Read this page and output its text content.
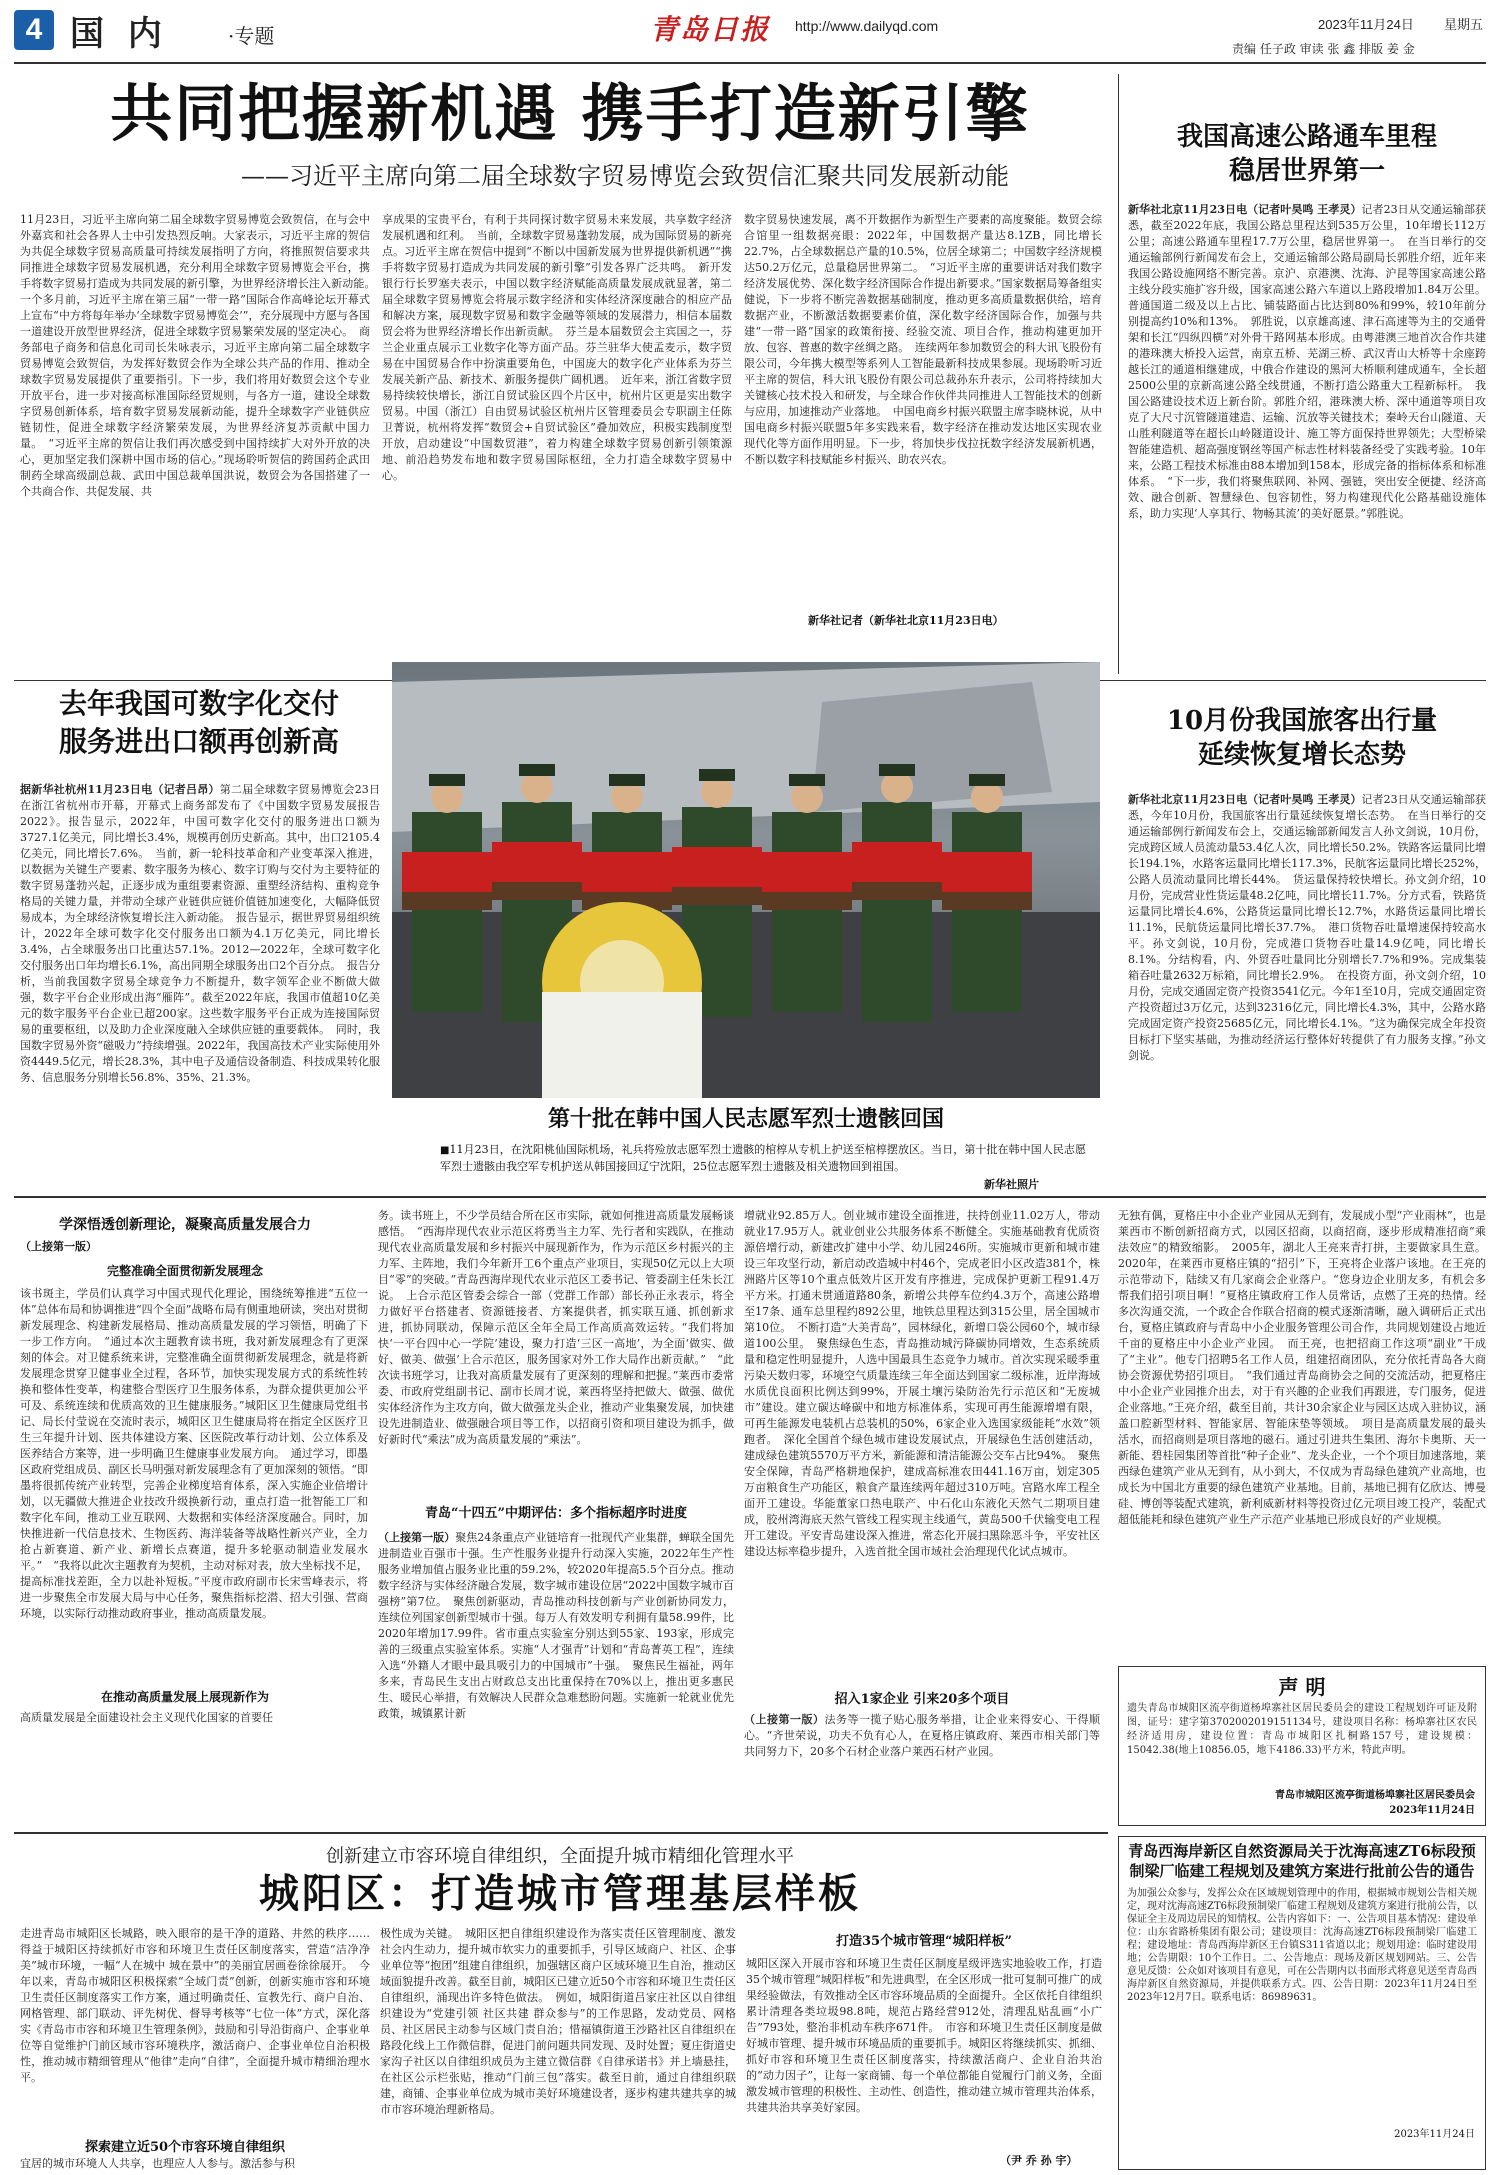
4 国 内	·专题	青岛日报 http://www.dailyqd.com	2023年11月24日 星期五
责编 任子政 审读 张 鑫 排版 姜 金
共同把握新机遇 携手打造新引擎
——习近平主席向第二届全球数字贸易博览会致贺信汇聚共同发展新动能
11月23日，习近平主席向第二届全球数字贸易博览会致贺信，在与会中外嘉宾和社会各界人士中引发热烈反响。大家表示，习近平主席的贺信为共促全球数字贸易高质量可持续发展指明了方向，将推照贺信要求共同推进全球数字贸易发展机遇，充分利用全球数字贸易博览会平台，携手将数字贸易打造成为共同发展的新引擎，为世界经济增长注入新动能。　一个多月前，习近平主席在第三届“一带一路”国际合作高峰论坛开幕式上宣布“中方将每年举办‘全球数字贸易博览会’”，充分展现中方愿与各国一道建设开放型世界经济，促进全球数字贸易繁荣发展的坚定决心。　商务部电子商务和信息化司司长朱咏表示，习近平主席向第二届全球数字贸易博览会致贺信，为发挥好数贸会作为全球公共产品的作用、推动全球数字贸易发展提供了重要指引。下一步，我们将用好数贸会这个专业开放平台，进一步对接高标准国际经贸规则，与各方一道，建设全球数字贸易创新体系，培育数字贸易发展新动能，提升全球数字产业链供应链韧性，促进全球数字经济繁荣发展，为世界经济复苏贡献中国力量。　“习近平主席的贺信让我们再次感受到中国持续扩大对外开放的决心，更加坚定我们深耕中国市场的信心。”现场聆听贺信的跨国药企武田制药全球高级副总裁、武田中国总裁单国洪说，数贸会为各国搭建了一个共商合作、共促发展、共
享成果的宝贵平台，有利于共同探讨数字贸易未来发展，共享数字经济发展机遇和红利。　当前，全球数字贸易蓬勃发展，成为国际贸易的新亮点。习近平主席在贺信中提到“不断以中国新发展为世界提供新机遇”“携手将数字贸易打造成为共同发展的新引擎”引发各界广泛共鸣。　新开发银行行长罗塞夫表示，中国以数字经济赋能高质量发展成就显著，第二届全球数字贸易博览会将展示数字经济和实体经济深度融合的相应产品和解决方案，展现数字贸易和数字金融等领域的发展潜力，相信本届数贸会将为世界经济增长作出新贡献。　芬兰是本届数贸会主宾国之一，芬兰企业重点展示工业数字化等方面产品。芬兰驻华大使孟麦示，数字贸易在中国贸易合作中扮演重要角色，中国庞大的数字化产业体系为芬兰发展关新产品、新技术、新服务提供广阔机遇。　近年来，浙江省数字贸易持续较快增长，浙江自贸试验区四个片区中，杭州片区更是实出数字贸易。中国（浙江）自由贸易试验区杭州片区管理委员会专职副主任陈卫菁说，杭州将发挥“数贸会+自贸试验区”叠加效应，积极实践制度型开放，启动建设“中国数贸港”，着力构建全球数字贸易创新引领策源地、前沿趋势发布地和数字贸易国际枢纽，全力打造全球数字贸易中心。
数字贸易快速发展，离不开数据作为新型生产要素的高度聚能。数贸会综合馆里一组数据亮眼：2022年，中国数据产量达8.1ZB，同比增长22.7%，占全球数据总产量的10.5%，位居全球第二；中国数字经济规模达50.2万亿元，总量稳居世界第二。　“习近平主席的重要讲话对我们数字经济发展优势、深化数字经济国际合作提出新要求。”国家数据局筹备组实健说，下一步将不断完善数据基础制度，推动更多高质量数据供给，培育数据产业，不断激活数据要素价值，深化数字经济国际合作，加强与共建“一带一路”国家的政策衔接、经验交流、项目合作，推动构建更加开放、包容、普惠的数字丝绸之路。　连续两年参加数贸会的科大讯飞股份有限公司，今年携大模型等系列人工智能最新科技成果参展。现场聆听习近平主席的贺信，科大讯飞股份有限公司总裁孙东升表示，公司将持续加大关键核心技术投入和研发，与全球合作伙伴共同推进人工智能技术的创新与应用，加速推动产业落地。　中国电商乡村振兴联盟主席李晓林说，从中国电商乡村振兴联盟5年多实践来看，数字经济在推动发达地区实现农业现代化等方面作用明显。下一步，将加快步伐拉抚数字经济发展新机遇，不断以数字科技赋能乡村振兴、助农兴农。
新华社记者（新华社北京11月23日电）
我国高速公路通车里程
稳居世界第一
新华社北京11月23日电（记者叶昊鸣 王孝灵）记者23日从交通运输部获悉，截至2022年底，我国公路总里程达到535万公里，10年增长112万公里；高速公路通车里程17.7万公里，稳居世界第一。　在当日举行的交通运输部例行新闻发布会上，交通运输部公路局副局长郭胜介绍，近年来我国公路设施网络不断完善。京沪、京港澳、沈海、沪昆等国家高速公路主线分段实施扩容升级，国家高速公路六车道以上路段增加1.84万公里。普通国道二级及以上占比、铺装路面占比达到80%和99%，较10年前分别提高约10%和13%。　郭胜说，以京雄高速、津石高速等为主的交通骨架和长江“四纵四横”对外骨干路网基本形成。由粤港澳三地首次合作共建的港珠澳大桥投入运营，南京五桥、芜湖三桥、武汉青山大桥等十余座跨越长江的通道相继建成，中俄合作建设的黑河大桥顺利建成通车，全长超2500公里的京新高速公路全线贯通，不断打造公路重大工程新标杆。　我国公路建设技术迈上新台阶。郭胜介绍，港珠澳大桥、深中通道等项目攻克了大尺寸沉管隧道建造、运输、沉放等关键技术；秦岭天台山隧道、天山胜利隧道等在超长山岭隧道设计、施工等方面保持世界领先；大型桥梁智能建造机、超高强度钢丝等国产标志性材料装备经受了实践考验。10年来，公路工程技术标准由88本增加到158本，形成完备的指标体系和标准体系。　“下一步，我们将聚焦联网、补网、强链，突出安全便捷、经济高效、融合创新、智慧绿色、包容韧性，努力构建现代化公路基础设施体系，助力实现‘人享其行、物畅其流’的美好愿景。”郭胜说。
去年我国可数字化交付
服务进出口额再创新高
据新华社杭州11月23日电（记者吕昂）第二届全球数字贸易博览会23日在浙江省杭州市开幕，开幕式上商务部发布了《中国数字贸易发展报告2022》。报告显示，2022年，中国可数字化交付的服务进出口额为3727.1亿美元，同比增长3.4%，规模再创历史新高。其中，出口2105.4亿美元，同比增长7.6%。　当前，新一轮科技革命和产业变革深入推进，以数据为关键生产要素、数字服务为核心、数字订购与交付为主要特征的数字贸易蓬勃兴起，正逐步成为重组要素资源、重塑经济结构、重构竞争格局的关键力量，并带动全球产业链供应链价值链加速变化，大幅降低贸易成本，为全球经济恢复增长注入新动能。　报告显示，据世界贸易组织统计，2022年全球可数字化交付服务出口额为4.1万亿美元，同比增长3.4%，占全球服务出口比重达57.1%。2012—2022年，全球可数字化交付服务出口年均增长6.1%，高出同期全球服务出口2个百分点。　报告分析，当前我国数字贸易全球竞争力不断提升，数字领军企业不断做大做强，数字平台企业形成出海“雁阵”。截至2022年底，我国市值超10亿美元的数字服务平台企业已超200家。这些数字服务平台正成为连接国际贸易的重要枢纽，以及助力企业深度融入全球供应链的重要载体。　同时，我国数字贸易外资“磁吸力”持续增强。2022年，我国高技术产业实际使用外资4449.5亿元，增长28.3%，其中电子及通信设备制造、科技成果转化服务、信息服务分别增长56.8%、35%、21.3%。
第十批在韩中国人民志愿军烈士遗骸回国
■11月23日，在沈阳桃仙国际机场，礼兵将殓放志愿军烈士遗骸的棺椁从专机上护送至棺椁摆放区。当日，第十批在韩中国人民志愿军烈士遗骸由我空军专机护送从韩国接回辽宁沈阳，25位志愿军烈士遗骸及相关遗物回到祖国。
新华社照片
10月份我国旅客出行量
延续恢复增长态势
新华社北京11月23日电（记者叶昊鸣 王孝灵）记者23日从交通运输部获悉，今年10月份，我国旅客出行量延续恢复增长态势。　在当日举行的交通运输部例行新闻发布会上，交通运输部新闻发言人孙文剑说，10月份，完成跨区域人员流动量53.4亿人次，同比增长50.2%。铁路客运量同比增长194.1%，水路客运量同比增长117.3%，民航客运量同比增长252%，公路人员流动量同比增长44%。　货运量保持较快增长。孙文剑介绍，10月份，完成营业性货运量48.2亿吨，同比增长11.7%。分方式看，铁路货运量同比增长4.6%，公路货运量同比增长12.7%，水路货运量同比增长11.1%，民航货运量同比增长37.7%。　港口货物吞吐量增速保持较高水平。孙文剑说，10月份，完成港口货物吞吐量14.9亿吨，同比增长8.1%。分结构看，内、外贸吞吐量同比分别增长7.7%和9%。完成集装箱吞吐量2632万标箱，同比增长2.9%。　在投资方面，孙文剑介绍，10月份，完成交通固定资产投资3541亿元。今年1至10月，完成交通固定资产投资超过3万亿元，达到32316亿元，同比增长4.3%，其中，公路水路完成固定资产投资25685亿元，同比增长4.1%。“这为确保完成全年投资目标打下坚实基础，为推动经济运行整体好转提供了有力服务支撑。”孙文剑说。
学深悟透创新理论，凝聚高质量发展合力
（上接第一版）
完整准确全面贯彻新发展理念
该书斑主，学员们认真学习中国式现代化理论，围绕统筹推进“五位一体”总体布局和协调推进“四个全面”战略布局有侧重地研读，突出对贯彻新发展理念、构建新发展格局、推动高质量发展的学习领悟，明确了下一步工作方向。　“通过本次主题教育读书班，我对新发展理念有了更深刻的体会。对卫健系统来讲，完整准确全面贯彻新发展理念，就是将新发展理念贯穿卫健事业全过程，各环节，加快实现发展方式的系统性转换和整体性变革，构建整合型医疗卫生服务体系，为群众提供更加公平可及、系统连续和优质高效的卫生健康服务。”城阳区卫生健康局党组书记、局长付莹说在交流时表示，城阳区卫生健康局将在指定全区医疗卫生三年提升计划、医共体建设方案、区医院改革行动计划、公立体系及医养结合方案等，进一步明确卫生健康事业发展方向。　通过学习，即墨区政府党组成员、副区长马明强对新发展理念有了更加深刻的领悟。“即墨将很抓传统产业转型，完善企业梯度培育体系，深入实施企业倍增计划，以无疆做大推进企业技改升级换新行动，重点打造一批智能工厂和数字化车间，推动工业互联网、大数据和实体经济深度融合。同时，加快推进新一代信息技术、生物医药、海洋装备等战略性新兴产业，全力抢占新赛道、新产业、新增长点赛道，提升多轮驱动制造业发展水平。”　“我将以此次主题教育为契机，主动对标对表，放大坐标找不足，提高标准找差距，全力以赴补短板。”平度市政府副市长宋雪峰表示，将进一步聚焦全市发展大局与中心任务，聚焦指标挖潜、招大引强、营商环境，以实际行动推动政府事业，推动高质量发展。
在推动高质量发展上展现新作为
高质量发展是全面建设社会主义现代化国家的首要任
务。读书班上，不少学员结合所在区市实际，就如何推进高质量发展畅谈感悟。　“西海岸现代农业示范区将勇当主力军、先行者和实践队，在推动现代农业高质量发展和乡村振兴中展现新作为，作为示范区乡村振兴的主力军、主阵地，我们今年新开工6个重点产业项目，实现50亿元以上大项目“零”的突破。”青岛西海岸现代农业示范区工委书记、管委副主任朱长江说。　上合示范区管委会综合一部（党群工作部）部长孙正永表示，将全力做好平台搭建者、资源链接者、方案提供者，抓实联互通、抓创新求进，抓协同联动，保障示范区全年全局工作高质高效运转。“我们将加快‘一平台四中心一学院’建设，聚力打造‘三区一高地’，为全面‘做实、做好、做美、做强’上合示范区，服务国家对外工作大局作出新贡献。”　“此次读书班学习，让我对高质量发展有了更深刻的理解和把握。”莱西市委常委、市政府党组副书记、副市长周才说，莱西将坚持把做大、做强、做优实体经济作为主攻方向，做大做强龙头企业，推动产业集聚发展，加快建设先进制造业、做强融合项目等工作，以招商引资和项目建设为抓手，做好新时代“乘法”成为高质量发展的“乘法”。
青岛“十四五”中期评估：多个指标超序时进度
（上接第一版）聚焦24条重点产业链培育一批现代产业集群，蝉联全国先进制造业百强市十强。生产性服务业提升行动深入实施，2022年生产性服务业增加值占服务业比重的59.2%，较2020年提高5.5个百分点。推动数字经济与实体经济融合发展，数字城市建设位居“2022中国数字城市百强榜”第7位。　聚焦创新驱动，青岛推动科技创新与产业创新协同发力，连续位列国家创新型城市十强。每万人有效发明专利拥有量58.99件，比2020年增加17.99件。省市重点实验室分别达到55家、193家，形成完善的三级重点实验室体系。实施“人才强青”计划和“青岛菁英工程”，连续入选“外籍人才眼中最具吸引力的中国城市”十强。　聚焦民生福祉，两年多来，青岛民生支出占财政总支出比重保持在70%以上，推出更多惠民生、暖民心举措，有效解决人民群众急难愁盼问题。实施新一轮就业优先政策，城镇累计新
增就业92.85万人。创业城市建设全面推进，扶持创业11.02万人，带动就业17.95万人。就业创业公共服务体系不断健全。实施基础教育优质资源倍增行动，新建改扩建中小学、幼儿园246所。实施城市更新和城市建设三年攻坚行动，新启动改造城中村46个，完成老旧小区改造381个，株洲路片区等10个重点低效片区开发有序推进，完成保护更新工程91.4万平方米。打通未贯通道路80条，新增公共停车位约4.3万个，高速公路增至17条、通车总里程约892公里，地铁总里程达到315公里，居全国城市第10位。　不断打造“大美青岛”，园林绿化，新增口袋公园60个，城市绿道100公里。　聚焦绿色生态，青岛推动城污降碳协同增效，生态系统质量和稳定性明显提升，人选中国最具生态竞争力城市。首次实现采暖季重污染天数归零，环境空气质量连续三年全面达到国家二级标准，近岸海域水质优良面积比例达到99%，开展土壤污染防治先行示范区和“无废城市”建设。建立碳达峰碳中和地方标准体系，实现可再生能源增增有限，可再生能源发电装机占总装机的50%，6家企业入选国家级能耗“水效”领跑者。　深化全国首个绿色城市建设发展试点，开展绿色生活创建活动，建成绿色建筑5570万平方米，新能源和清洁能源公交车占比94%。　聚焦安全保障，青岛严格耕地保护，建成高标准农田441.16万亩，划定305万亩粮食生产功能区，粮食产量连续两年超过310万吨。宫路水库工程全面开工建设。华能董家口热电联产、中石化山东液化天然气二期项目建成，胶州湾海底天然气管线工程实现主线通气，黄岛500千伏输变电工程开工建设。平安青岛建设深入推进，常态化开展扫黑除恶斗争，平安社区建设达标率稳步提升，入选首批全国市域社会治理现代化试点城市。
招入1家企业 引来20多个项目
（上接第一版）法务等一揽子贴心服务举措，让企业来得安心、干得顺心。“齐世荣说，功夫不负有心人，在夏格庄镇政府、莱西市相关部门等共同努力下，20多个石材企业落户莱西石材产业园。
无独有偶，夏格庄中小企业产业园从无到有，发展成小型“产业雨林”，也是莱西市不断创新招商方式，以园区招商，以商招商，逐步形成精准招商“乘法效应”的精致缩影。　2005年，湖北人王亮来青打拼，主要做家具生意。2020年，在莱西市夏格庄镇的“招引”下，王亮将企业落户该地。在王亮的示范带动下，陆续又有几家商会企业落户。“您身边企业朋友多，有机会多帮我们招引项目啊！”夏格庄镇政府工作人员常话，点燃了王亮的热情。经多次沟通交流，一个政企合作联合招商的模式逐渐清晰，融入调研后正式出台，夏格庄镇政府与青岛中小企业服务管理公司合作，共同规划建设占地近千亩的夏格庄中小企业产业园。　而王亮，也把招商工作这项“副业”干成了“主业”。他专门招聘5名工作人员，组建招商团队，充分依托青岛各大商协会资源优势招引项目。　“我们通过青岛商协会之间的交流活动，把夏格庄中小企业产业园推介出去，对于有兴趣的企业我们再跟进，专门服务，促进企业落地。”王亮介绍，截至目前，共计30余家企业与园区达成入驻协议，涵盖口腔新型材料、智能家居、智能床垫等领域。　项目是高质量发展的最头活水，而招商则是项目落地的磁石。通过引进共生集团、海尔卡奥斯、天一新能、碧桂园集团等首批“种子企业”、龙头企业，一个个项目加速落地，莱西绿色建筑产业从无到有，从小到大，不仅成为青岛绿色建筑产业高地，也成长为中国北方重要的绿色建筑产业基地。目前，基地已拥有亿欣达、博曼硅、博创等装配式建筑，新利威新材料等投资过亿元项目竣工投产，装配式超低能耗和绿色建筑产业生产示范产业基地已形成良好的产业规模。
声 明
遗失青岛市城阳区流亭街道杨埠寨社区居民委员会的建设工程规划许可证及附图，证号：建字第3702002019151134号，建设项目名称：杨埠寨社区农民经济适用房，建设位置：青岛市城阳区扎桐路157号，建设规模：15042.38(地上10856.05，地下4186.33)平方米，特此声明。
青岛市城阳区流亭街道杨埠寨社区居民委员会
2023年11月24日
创新建立市容环境自律组织，全面提升城市精细化管理水平
城阳区：打造城市管理基层样板
走进青岛市城阳区长城路，映入眼帘的是干净的道路、井然的秩序……得益于城阳区持续抓好市容和环境卫生责任区制度落实，营造“洁净净美”城市环境，一幅“人在城中 城在景中”的美丽宜居画卷徐徐展开。　今年以来，青岛市城阳区积极探索“全域门责”创新，创新实施市容和环境卫生责任区制度落实工作方案，通过明确责任、宣教先行、商户自治、网格管理、部门联动、评先树优、督导考核等“七位一体”方式，深化落实《青岛市市容和环境卫生管理条例》，鼓励和引导沿街商户、企事业单位等自觉维护门前区域市容环境秩序，激活商户、企事业单位自治积极性，推动城市精细管理从“他律”走向“自律”，全面提升城市精细治理水平。
探索建立近50个市容环境自律组织
宜居的城市环境人人共享，也理应人人参与。激活参与积
极性成为关键。　城阳区把自律组织建设作为落实责任区管理制度、激发社会内生动力，提升城市软实力的重要抓手，引导区域商户、社区、企事业单位等“抱团”组建自律组织，加强辖区商户区域环境卫生自治，推动区域面貌提升改善。截至目前，城阳区已建立近50个市容和环境卫生责任区自律组织，涌现出许多特色做法。　例如，城阳街道吕家庄社区以自律组织建设为“党建引领 社区共建 群众参与”的工作思路，发动党员、网格员、社区居民主动参与区域门责自治；惜福镇街道王沙路社区自律组织在路段化线上工作微信群，促进门前问题共同发现、及时处置；夏庄街道史家沟子社区以自律组织成员为主建立微信群《自律承诺书》并上墙悬挂，在社区公示栏张贴，推动“门前三包”落实。截至日前，通过自律组织联建，商铺、企事业单位成为城市美好环境建设者，逐步构建共建共享的城市市容环境治理新格局。
打造35个城市管理“城阳样板”
城阳区深入开展市容和环境卫生责任区制度星级评选实地验收工作，打造35个城市管理“城阳样板”和先进典型，在全区形成一批可复制可推广的成果经验做法，有效推动全区市容环境品质的全面提升。全区依托自律组织累计清理各类垃圾98.8吨，规范占路经营912处，清理乱贴乱画“小广告”793处，整治非机动车秩序671件。　市容和环境卫生责任区制度是做好城市管理、提升城市环境品质的重要抓手。城阳区将继续抓实、抓细、抓好市容和环境卫生责任区制度落实，持续激活商户、企业自治共治的“动力因子”，让每一家商铺、每一个单位都能自觉履行门前义务，全面激发城市管理的积极性、主动性、创造性，推动建立城市管理共治体系，共建共治共享美好家园。
（尹 乔 孙 宇）
青岛西海岸新区自然资源局关于沈海高速ZT6标段预制梁厂临建工程规划及建筑方案进行批前公告的通告
为加强公众参与，发挥公众在区域规划管理中的作用，根据城市规划公告相关规定，现对沈海高速ZT6标段预制梁厂临建工程规划及建筑方案进行批前公告，以保证全主及周边居民的知情权。公告内容如下：一、公告项目基本情况：建设单位：山东省路桥集团有限公司；建设项目：沈海高速ZT6标段预制梁厂临建工程；建设地址：青岛西海岸新区王台镇S311省道以北；规划用途：临时建设用地；公告期限：10个工作日。二、公告地点：现场及新区规划网站。三、公告意见反馈：公众如对该项目有意见，可在公告期内以书面形式将意见送至青岛西海岸新区自然资源局，并提供联系方式。四、公告日期：2023年11月24日至2023年12月7日。联系电话：86989631。
2023年11月24日
